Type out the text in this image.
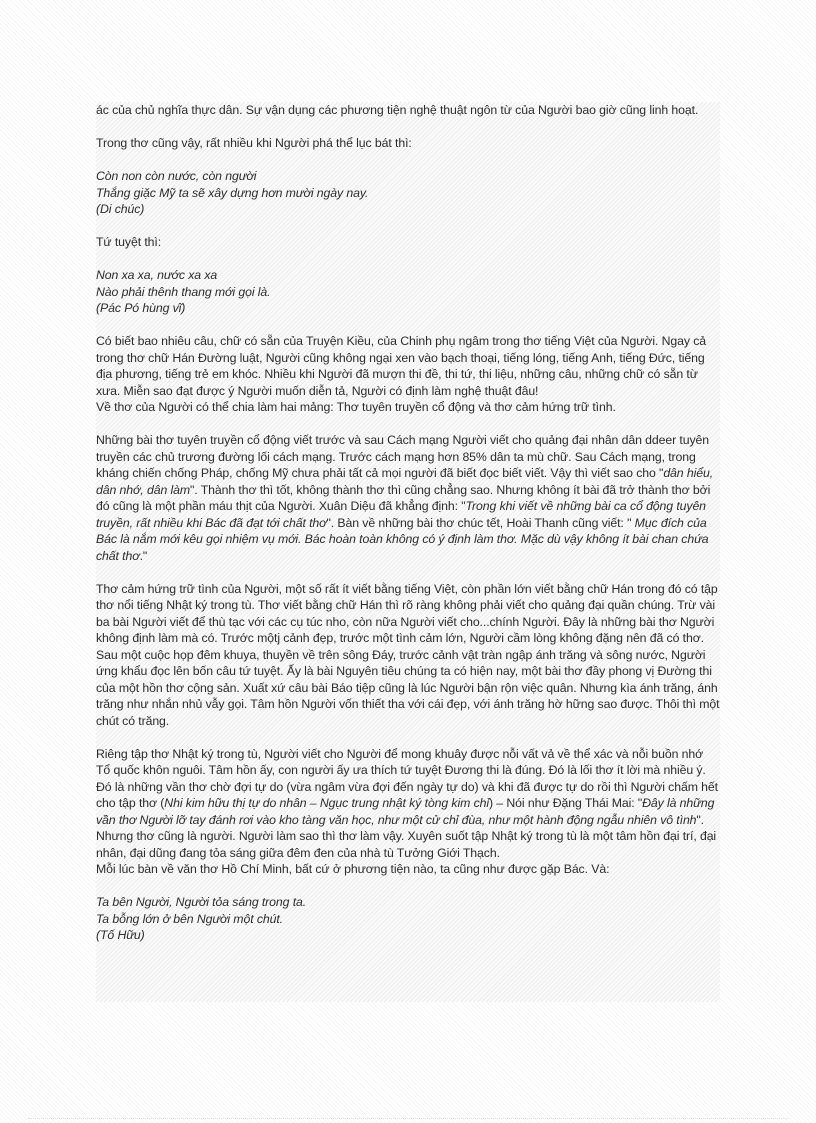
ác của chủ nghĩa thực dân. Sự vận dụng các phương tiện nghệ thuật ngôn từ của Người bao giờ cũng linh hoạt.

Trong thơ cũng vậy, rất nhiều khi Người phá thể lục bát thì:

Còn non còn nước, còn người
Thắng giặc Mỹ ta sẽ xây dựng hơn mười ngày nay.
(Di chúc)

Tứ tuyệt thì:

Non xa xa, nước xa xa
Nào phải thênh thang mới gọi là.
(Pác Pó hùng vĩ)

Có biết bao nhiêu câu, chữ có sẵn của Truyện Kiều, của Chinh phụ ngâm trong thơ tiếng Việt của Người. Ngay cả trong thơ chữ Hán Đường luật, Người cũng không ngại xen vào bạch thoại, tiếng lóng, tiếng Anh, tiếng Đức, tiếng địa phương, tiếng trẻ em khóc. Nhiều khi Người đã mượn thi đề, thi tứ, thi liệu, những câu, những chữ có sẵn từ xưa. Miễn sao đạt được ý Người muốn diễn tả, Người có định làm nghệ thuật đâu!

Về thơ của Người có thể chia làm hai mảng: Thơ tuyên truyền cổ động và thơ cảm hứng trữ tình.

Những bài thơ tuyên truyền cổ động viết trước và sau Cách mạng Người viết cho quảng đại nhân dân ddeer tuyên truyền các chủ trương đường lối cách mạng. Trước cách mạng hơn 85% dân ta mù chữ. Sau Cách mạng, trong kháng chiến chống Pháp, chống Mỹ chưa phải tất cả mọi người đã biết đọc biết viết. Vậy thì viết sao cho "dân hiểu, dân nhớ, dân làm". Thành thơ thì tốt, không thành thơ thì cũng chẳng sao. Nhưng không ít bài đã trở thành thơ bởi đó cũng là một phần máu thịt của Người. Xuân Diệu đã khẳng định: "Trong khi viết về những bài ca cổ động tuyên truyền, rất nhiều khi Bác đã đạt tới chất thơ". Bàn về những bài thơ chúc tết, Hoài Thanh cũng viết: " Mục đích của Bác là nắm mới kêu gọi nhiệm vụ mới. Bác hoàn toàn không có ý định làm thơ. Mặc dù vậy không ít bài chan chứa chất thơ."

Thơ cảm hứng trữ tình của Người, một số rất ít viết bằng tiếng Việt, còn phần lớn viết bằng chữ Hán trong đó có tập thơ nổi tiếng Nhật ký trong tù. Thơ viết bằng chữ Hán thì rõ ràng không phải viết cho quảng đại quần chúng. Trừ vài ba bài Người viết để thù tạc với các cụ túc nho, còn nữa Người viết cho...chính Người. Đây là những bài thơ Người không định làm mà có. Trước mộtj cảnh đẹp, trước một tình cảm lớn, Người cầm lòng không đặng nên đã có thơ. Sau một cuộc họp đêm khuya, thuyền về trên sông Đáy, trước cảnh vật tràn ngập ánh trăng và sông nước, Người ứng khẩu đọc lên bốn câu tứ tuyệt. Ấy là bài Nguyên tiêu chúng ta có hiện nay, một bài thơ đầy phong vị Đường thi của một hồn thơ cộng sản. Xuất xứ câu bài Báo tiệp cũng là lúc Người bận rộn việc quân. Nhưng kìa ánh trăng, ánh trăng như nhắn nhủ vẫy gọi. Tâm hồn Người vốn thiết tha với cái đẹp, với ánh trăng hờ hững sao được. Thôi thì một chút có trăng.

Riêng tập thơ Nhật ký trong tù, Người viết cho Người để mong khuây được nỗi vất vả về thể xác và nỗi buồn nhớ Tổ quốc khôn nguôi. Tâm hồn ấy, con người ấy ưa thích tứ tuyệt Đương thi là đúng. Đó là lối thơ ít lời mà nhiều ý. Đó là những vần thơ chờ đợi tự do (vừa ngâm vừa đợi đến ngày tự do) và khi đã được tự do rồi thì Người chấm hết cho tập thơ (Nhi kim hữu thị tự do nhân – Ngục trung nhật ký tòng kim chỉ) – Nói như Đặng Thái Mai: "Đây là những vần thơ Người lỡ tay đánh rơi vào kho tàng văn học, như một cử chỉ đùa, như một hành động ngẫu nhiên vô tình". Nhưng thơ cũng là người. Người làm sao thì thơ làm vậy. Xuyên suốt tập Nhật ký trong tù là một tâm hồn đại trí, đại nhân, đại dũng đang tỏa sáng giữa đêm đen của nhà tù Tưởng Giới Thạch.

Mỗi lúc bàn về văn thơ Hồ Chí Minh, bất cứ ở phương tiện nào, ta cũng như được gặp Bác. Và:

Ta bên Người, Người tỏa sáng trong ta.
Ta bỗng lớn ở bên Người một chút.
(Tố Hữu)
